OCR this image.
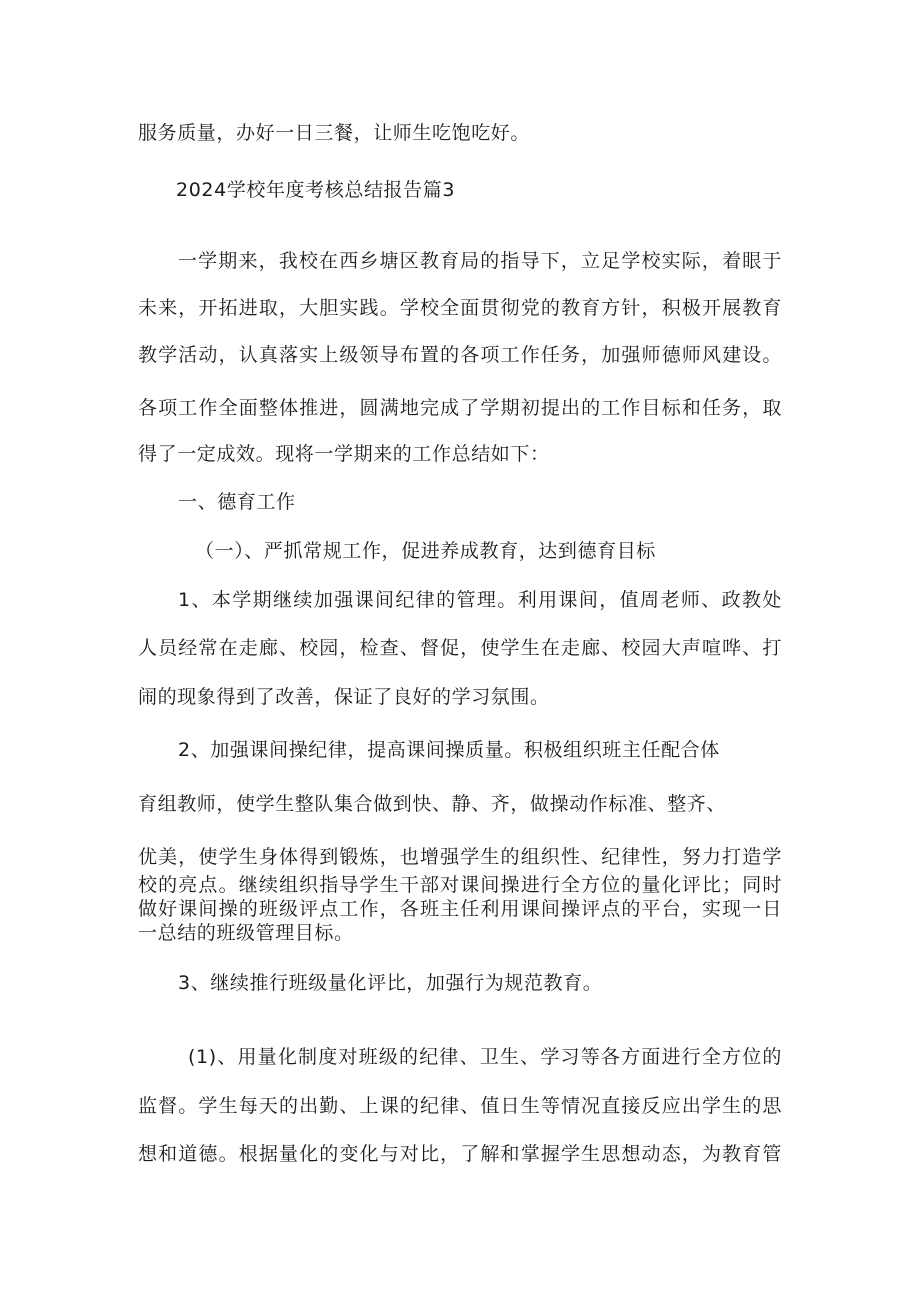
服务质量，办好一日三餐，让师生吃饱吃好。
2024学校年度考核总结报告篇3
一学期来，我校在西乡塘区教育局的指导下，立足学校实际，着眼于
未来，开拓进取，大胆实践。学校全面贯彻党的教育方针，积极开展教育
教学活动，认真落实上级领导布置的各项工作任务，加强师德师风建设。
各项工作全面整体推进，圆满地完成了学期初提出的工作目标和任务，取
得了一定成效。现将一学期来的工作总结如下：
一、德育工作
（一）、严抓常规工作，促进养成教育，达到德育目标
1、本学期继续加强课间纪律的管理。利用课间，值周老师、政教处
人员经常在走廊、校园，检查、督促，使学生在走廊、校园大声喧哗、打
闹的现象得到了改善，保证了良好的学习氛围。
2、加强课间操纪律，提高课间操质量。积极组织班主任配合体
育组教师，使学生整队集合做到快、静、齐，做操动作标准、整齐、
优美，使学生身体得到锻炼，也增强学生的组织性、纪律性，努力打造学
校的亮点。继续组织指导学生干部对课间操进行全方位的量化评比；同时
做好课间操的班级评点工作，各班主任利用课间操评点的平台，实现一日
一总结的班级管理目标。
3、继续推行班级量化评比，加强行为规范教育。
(1)、用量化制度对班级的纪律、卫生、学习等各方面进行全方位的
监督。学生每天的出勤、上课的纪律、值日生等情况直接反应出学生的思
想和道德。根据量化的变化与对比，了解和掌握学生思想动态，为教育管
